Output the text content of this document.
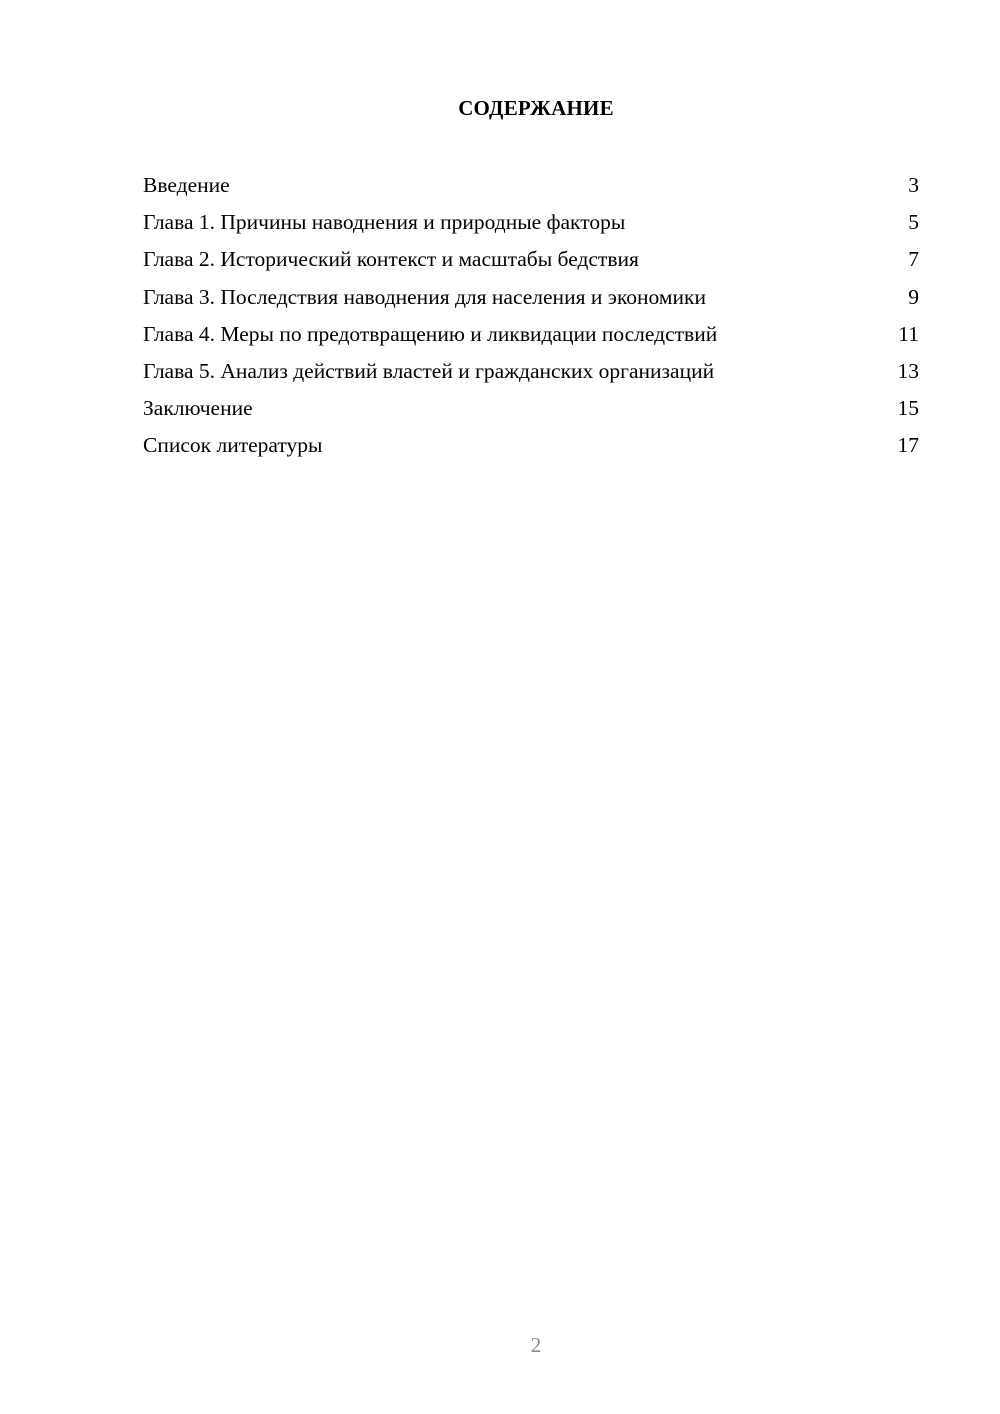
СОДЕРЖАНИЕ
Введение	3
Глава 1. Причины наводнения и природные факторы	5
Глава 2. Исторический контекст и масштабы бедствия	7
Глава 3. Последствия наводнения для населения и экономики	9
Глава 4. Меры по предотвращению и ликвидации последствий	11
Глава 5. Анализ действий властей и гражданских организаций	13
Заключение	15
Список литературы	17
2
